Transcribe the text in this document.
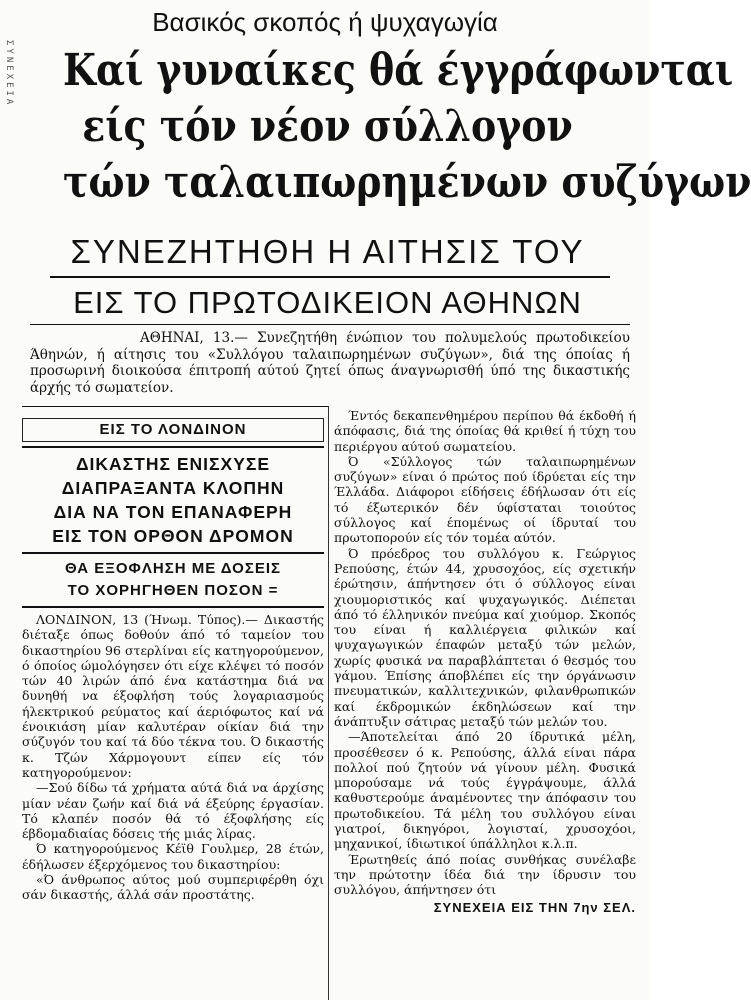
ΣΥΝΕΧΕΙΑ
Βασικός σκοπός ή ψυχαγωγία
Καί γυναίκες θά έγγράφωνται
είς τόν νέον σύλλογον
τών ταλαιπωρημένων συζύγων
ΣΥΝΕΖΗΤΗΘΗ Η ΑΙΤΗΣΙΣ ΤΟΥ
ΕΙΣ ΤΟ ΠΡΩΤΟΔΙΚΕΙΟΝ ΑΘΗΝΩΝ
ΑΘΗΝΑΙ, 13.— Συνεζητήθη ένώπιον του πολυμελούς πρωτοδικείου Άθηνών, ή αίτησις του «Συλλόγου ταλαιπωρημένων συζύγων», διά της όποίας ή προσωρινή διοικούσα έπιτροπή αύτού ζητεί όπως άναγνωρισθή ύπό της δικαστικής άρχής τό σωματείον.
ΕΙΣ ΤΟ ΛΟΝΔΙΝΟΝ
ΔΙΚΑΣΤΗΣ ΕΝΙΣΧΥΣΕ
ΔΙΑΠΡΑΞΑΝΤΑ ΚΛΟΠΗΝ
ΔΙΑ ΝΑ ΤΟΝ ΕΠΑΝΑΦΕΡΗ
ΕΙΣ ΤΟΝ ΟΡΘΟΝ ΔΡΟΜΟΝ
ΘΑ ΕΞΟΦΛΗΣΗ ΜΕ ΔΟΣΕΙΣ
ΤΟ ΧΟΡΗΓΗΘΕΝ ΠΟΣΟΝ =

ΛΟΝΔΙΝΟΝ, 13 (Ήνωμ. Τύπος).— Δικαστής διέταξε όπως δοθούν άπό τό ταμείον του δικαστηρίου 96 στερλίναι είς κατηγορούμενον, ό όποίος ώμολόγησεν ότι είχε κλέψει τό ποσόν τών 40 λιρών άπό ένα κατάστημα διά να δυνηθή να έξοφλήση τούς λογαριασμούς ήλεκτρικού ρεύματος καί άεριόφωτος καί νά ένοικιάση μίαν καλυτέραν οίκίαν διά την σύζυγόν του καί τά δύο τέκνα του. Ό δικαστής κ. Τζών Χάρμογουντ είπεν είς τόν κατηγορούμενον:

—Σού δίδω τά χρήματα αύτά διά να άρχίσης μίαν νέαν ζωήν καί διά νά έξεύρης έργασίαν. Τό κλαπέν ποσόν θά τό έξοφλήσης είς έβδομαδιαίας δόσεις τής μιάς λίρας.

Ό κατηγορούμενος Κέϊθ Γουλμερ, 28 έτών, έδήλωσεν έξερχόμενος του δικαστηρίου:

«Ό άνθρωπος αύτος μού συμπεριφέρθη όχι σάν δικαστής, άλλά σάν προστάτης.

Έντός δεκαπενθημέρου περίπου θά έκδοθή ή άπόφασις, διά της όποίας θά κριθεί ή τύχη του περιέργου αύτού σωματείου.

Ό «Σύλλογος τών ταλαιπωρημένων συζύγων» είναι ό πρώτος πού ίδρύεται είς την Έλλάδα. Διάφοροι είδήσεις έδήλωσαν ότι είς τό έξωτερικόν δέν ύφίσταται τοιούτος σύλλογος καί έπομένως οί ίδρυταί του πρωτοπορούν είς τόν τομέα αύτόν.

Ό πρόεδρος του συλλόγου κ. Γεώργιος Ρεπούσης, έτών 44, χρυσοχόος, είς σχετικήν έρώτησιν, άπήντησεν ότι ό σύλλογος είναι χιουμοριστικός καί ψυχαγωγικός. Διέπεται άπό τό έλληνικόν πνεύμα καί χιούμορ. Σκοπός του είναι ή καλλιέργεια φιλικών καί ψυχαγωγικών έπαφών μεταξύ τών μελών, χωρίς φυσικά να παραβλάπτεται ό θεσμός του γάμου. Έπίσης άποβλέπει είς την όργάνωσιν πνευματικών, καλλιτεχνικών, φιλανθρωπικών καί έκδρομικών έκδηλώσεων καί την άνάπτυξιν σάτιρας μεταξύ τών μελών του.

—Άποτελείται άπό 20 ίδρυτικά μέλη, προσέθεσεν ό κ. Ρεπούσης, άλλά είναι πάρα πολλοί πού ζητούν νά γίνουν μέλη. Φυσικά μπορούσαμε νά τούς έγγράψουμε, άλλά καθυστερούμε άναμένοντες την άπόφασιν του πρωτοδικείου. Τά μέλη του συλλόγου είναι γιατροί, δικηγόροι, λογισταί, χρυσοχόοι, μηχανικοί, ίδιωτικοί ύπάλληλοι κ.λ.π.

Έρωτηθείς άπό ποίας συνθήκας συνέλαβε την πρώτοτην ίδέα διά την ίδρυσιν του συλλόγου, άπήντησεν ότι

ΣΥΝΕΧΕΙΑ ΕΙΣ ΤΗΝ 7ην ΣΕΛ.
